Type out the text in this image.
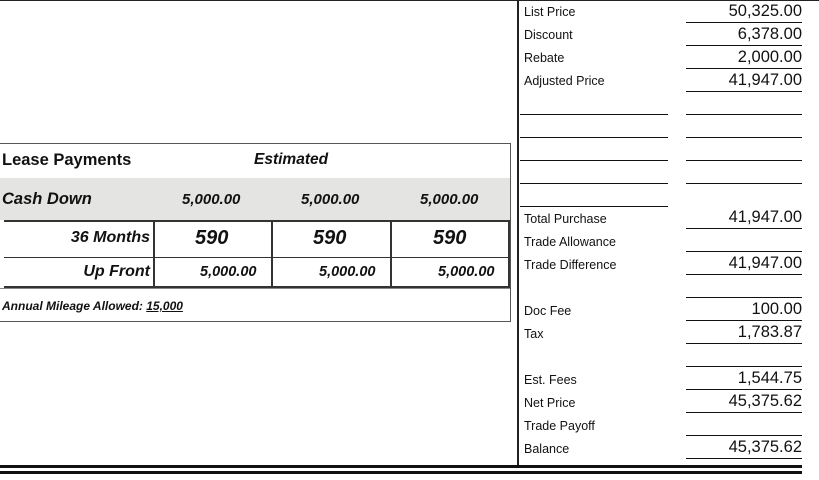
List Price	50,325.00
Discount	6,378.00
Rebate	2,000.00
Adjusted Price	41,947.00
Total Purchase	41,947.00
Trade Allowance
Trade Difference	41,947.00
Doc Fee	100.00
Tax	1,783.87
Est. Fees	1,544.75
Net Price	45,375.62
Trade Payoff
Balance	45,375.62
Lease Payments	Estimated
Cash Down	5,000.00	5,000.00	5,000.00
36 Months 590	590	590
Up Front	5,000.00	5,000.00	5,000.00
Annual Mileage Allowed: 15,000
